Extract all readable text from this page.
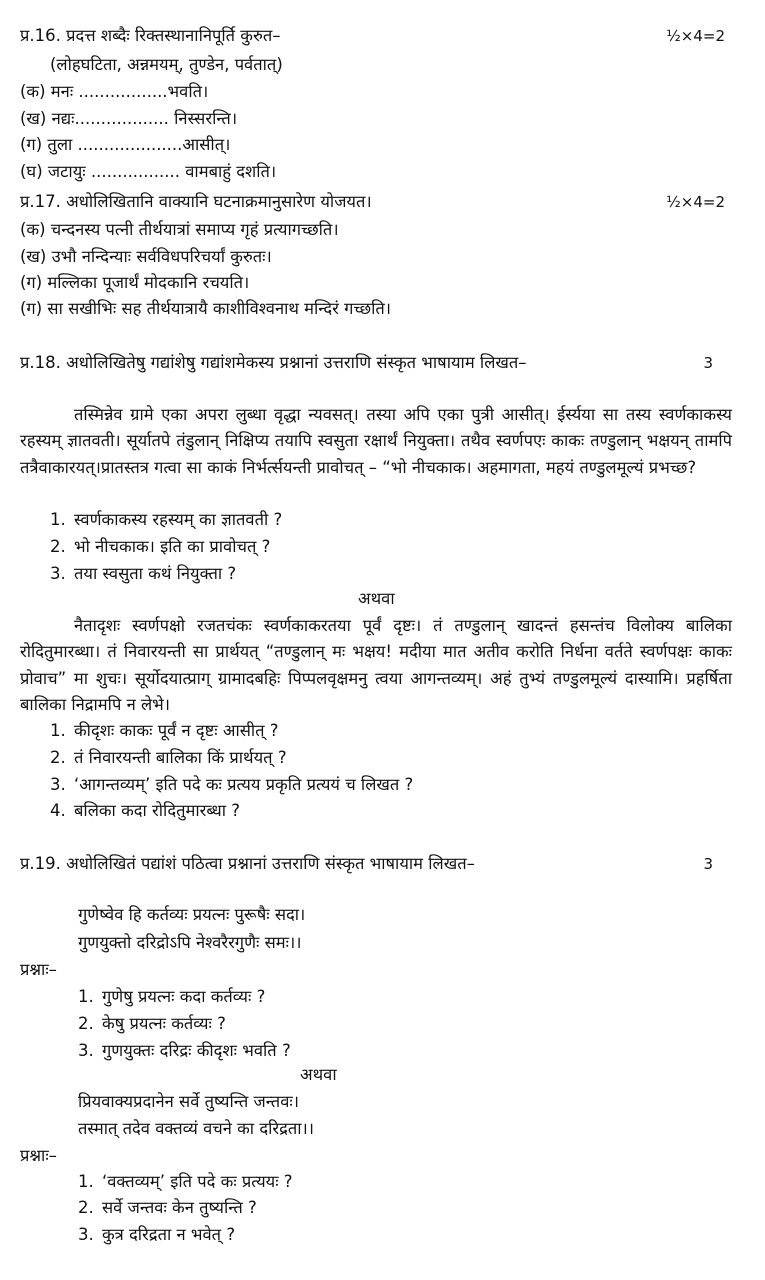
प्र.16. प्रदत्त शब्दैः रिक्तस्थानानिपूर्ति कुरुत–	½×4=2
(लोहघटिता, अन्नमयम्, तुण्डेन, पर्वतात्)
(क) मनः .................भवति।
(ख) नद्यः.................. निस्सरन्ति।
(ग) तुला ....................आसीत्।
(घ) जटायुः ................. वामबाहुं दशति।
प्र.17. अधोलिखितानि वाक्यानि घटनाक्रमानुसारेण योजयत।	½×4=2
(क) चन्दनस्य पत्नी तीर्थयात्रां समाप्य गृहं प्रत्यागच्छति।
(ख) उभौ नन्दिन्याः सर्वविधपरिचर्यां कुरुतः।
(ग) मल्लिका पूजार्थं मोदकानि रचयति।
(ग) सा सखीभिः सह तीर्थयात्रायै काशीविश्वनाथ मन्दिरं गच्छति।
प्र.18. अधोलिखितेषु गद्यांशेषु गद्यांशमेकस्य प्रश्नानां उत्तराणि संस्कृत भाषायाम लिखत–	3
तस्मिन्नेव ग्रामे एका अपरा लुब्धा वृद्धा न्यवसत्। तस्या अपि एका पुत्री आसीत्। ईर्स्यया सा तस्य स्वर्णकाकस्य रहस्यम् ज्ञातवती। सूर्यातपे तंडुलान् निक्षिप्य तयापि स्वसुता रक्षार्थं नियुक्ता। तथैव स्वर्णपएः काकः तण्डुलान् भक्षयन् तामपि तत्रैवाकारयत्।प्रातस्तत्र गत्वा सा काकं निर्भर्त्सयन्ती प्रावोचत् – “भो नीचकाक। अहमागता, महयं तण्डुलमूल्यं प्रभच्छ?
1. स्वर्णकाकस्य रहस्यम् का ज्ञातवती ?
2. भो नीचकाक। इति का प्रावोचत् ?
3. तया स्वसुता कथं नियुक्ता ?
अथवा
नैतादृशः स्वर्णपक्षो रजतचंकः स्वर्णकाकरतया पूर्वं दृष्टः। तं तण्डुलान् खादन्तं हसन्तंच विलोक्य बालिका रोदितुमारब्धा। तं निवारयन्ती सा प्रार्थयत् “तण्डुलान् मः भक्षय! मदीया मात अतीव करोति निर्धना वर्तते स्वर्णपक्षः काकः प्रोवाच” मा शुचः। सूर्योदयात्प्राग् ग्रामादबहिः पिप्पलवृक्षमनु त्वया आगन्तव्यम्। अहं तुभ्यं तण्डुलमूल्यं दास्यामि। प्रहर्षिता बालिका निद्रामपि न लेभे।
1. कीदृशः काकः पूर्वं न दृष्टः आसीत् ?
2. तं निवारयन्ती बालिका किं प्रार्थयत् ?
3. ‘आगन्तव्यम्’ इति पदे कः प्रत्यय प्रकृति प्रत्ययं च लिखत ?
4. बलिका कदा रोदितुमारब्धा ?
प्र.19. अधोलिखितं पद्यांशं पठित्वा प्रश्नानां उत्तराणि संस्कृत भाषायाम लिखत–	3
गुणेष्वेव हि कर्तव्यः प्रयत्नः पुरूषैः सदा।
गुणयुक्तो दरिद्रोऽपि नेश्वरैरगुणैः समः।।
प्रश्नाः–
1. गुणेषु प्रयत्नः कदा कर्तव्यः ?
2. केषु प्रयत्नः कर्तव्यः ?
3. गुणयुक्तः दरिद्रः कीदृशः भवति ?
अथवा
प्रियवाक्यप्रदानेन सर्वे तुष्यन्ति जन्तवः।
तस्मात् तदेव वक्तव्यं वचने का दरिद्रता।।
प्रश्नाः–
1. ‘वक्तव्यम्’ इति पदे कः प्रत्ययः ?
2. सर्वे जन्तवः केन तुष्यन्ति ?
3. कुत्र दरिद्रता न भवेत् ?
